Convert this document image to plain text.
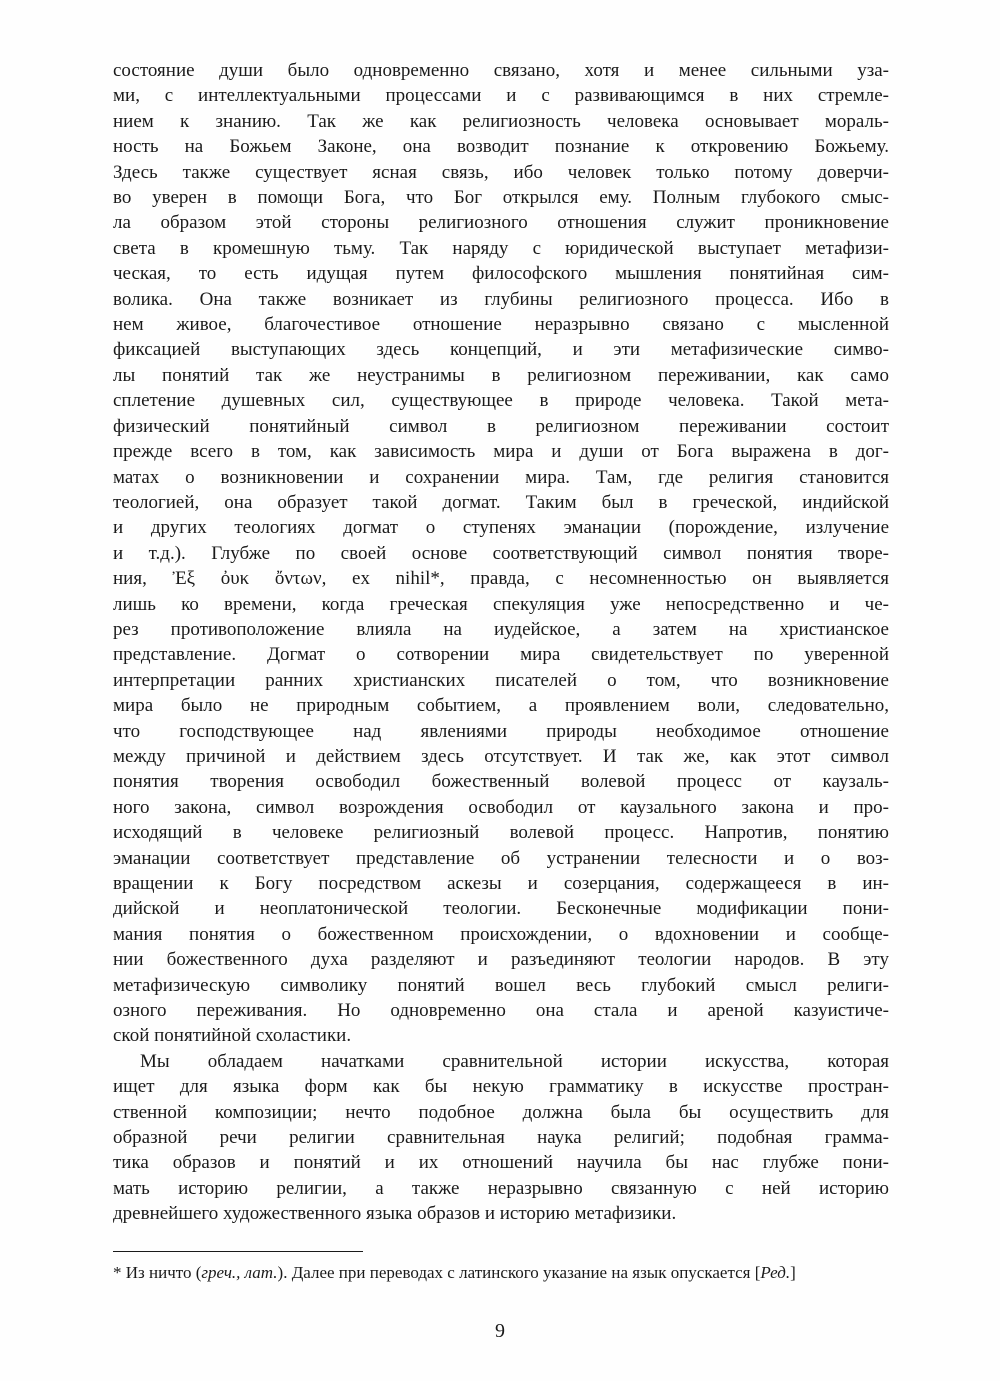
состояние души было одновременно связано, хотя и менее сильными уза-
ми, с интеллектуальными процессами и с развивающимся в них стремле-
нием к знанию. Так же как религиозность человека основывает мораль-
ность на Божьем Законе, она возводит познание к откровению Божьему.
Здесь также существует ясная связь, ибо человек только потому доверчи-
во уверен в помощи Бога, что Бог открылся ему. Полным глубокого смыс-
ла образом этой стороны религиозного отношения служит проникновение
света в кромешную тьму. Так наряду с юридической выступает метафизи-
ческая, то есть идущая путем философского мышления понятийная сим-
волика. Она также возникает из глубины религиозного процесса. Ибо в
нем живое, благочестивое отношение неразрывно связано с мысленной
фиксацией выступающих здесь концепций, и эти метафизические симво-
лы понятий так же неустранимы в религиозном переживании, как само
сплетение душевных сил, существующее в природе человека. Такой мета-
физический понятийный символ в религиозном переживании состоит
прежде всего в том, как зависимость мира и души от Бога выражена в дог-
матах о возникновении и сохранении мира. Там, где религия становится
теологией, она образует такой догмат. Таким был в греческой, индийской
и других теологиях догмат о ступенях эманации (порождение, излучение
и т.д.). Глубже по своей основе соответствующий символ понятия творе-
ния, Ἐξ ὀυκ ὄντων, ex nihil*, правда, с несомненностью он выявляется
лишь ко времени, когда греческая спекуляция уже непосредственно и че-
рез противоположение влияла на иудейское, а затем на христианское
представление. Догмат о сотворении мира свидетельствует по уверенной
интерпретации ранних христианских писателей о том, что возникновение
мира было не природным событием, а проявлением воли, следовательно,
что господствующее над явлениями природы необходимое отношение
между причиной и действием здесь отсутствует. И так же, как этот символ
понятия творения освободил божественный волевой процесс от каузаль-
ного закона, символ возрождения освободил от каузального закона и про-
исходящий в человеке религиозный волевой процесс. Напротив, понятию
эманации соответствует представление об устранении телесности и о воз-
вращении к Богу посредством аскезы и созерцания, содержащееся в ин-
дийской и неоплатонической теологии. Бесконечные модификации пони-
мания понятия о божественном происхождении, о вдохновении и сообще-
нии божественного духа разделяют и разъединяют теологии народов. В эту
метафизическую символику понятий вошел весь глубокий смысл религи-
озного переживания. Но одновременно она стала и ареной казуистиче-
ской понятийной схоластики.
Мы обладаем начатками сравнительной истории искусства, которая
ищет для языка форм как бы некую грамматику в искусстве простран-
ственной композиции; нечто подобное должна была бы осуществить для
образной речи религии сравнительная наука религий; подобная грамма-
тика образов и понятий и их отношений научила бы нас глубже пони-
мать историю религии, а также неразрывно связанную с ней историю
древнейшего художественного языка образов и историю метафизики.
* Из ничто (греч., лат.). Далее при переводах с латинского указание на язык опускается [Ред.]
9
